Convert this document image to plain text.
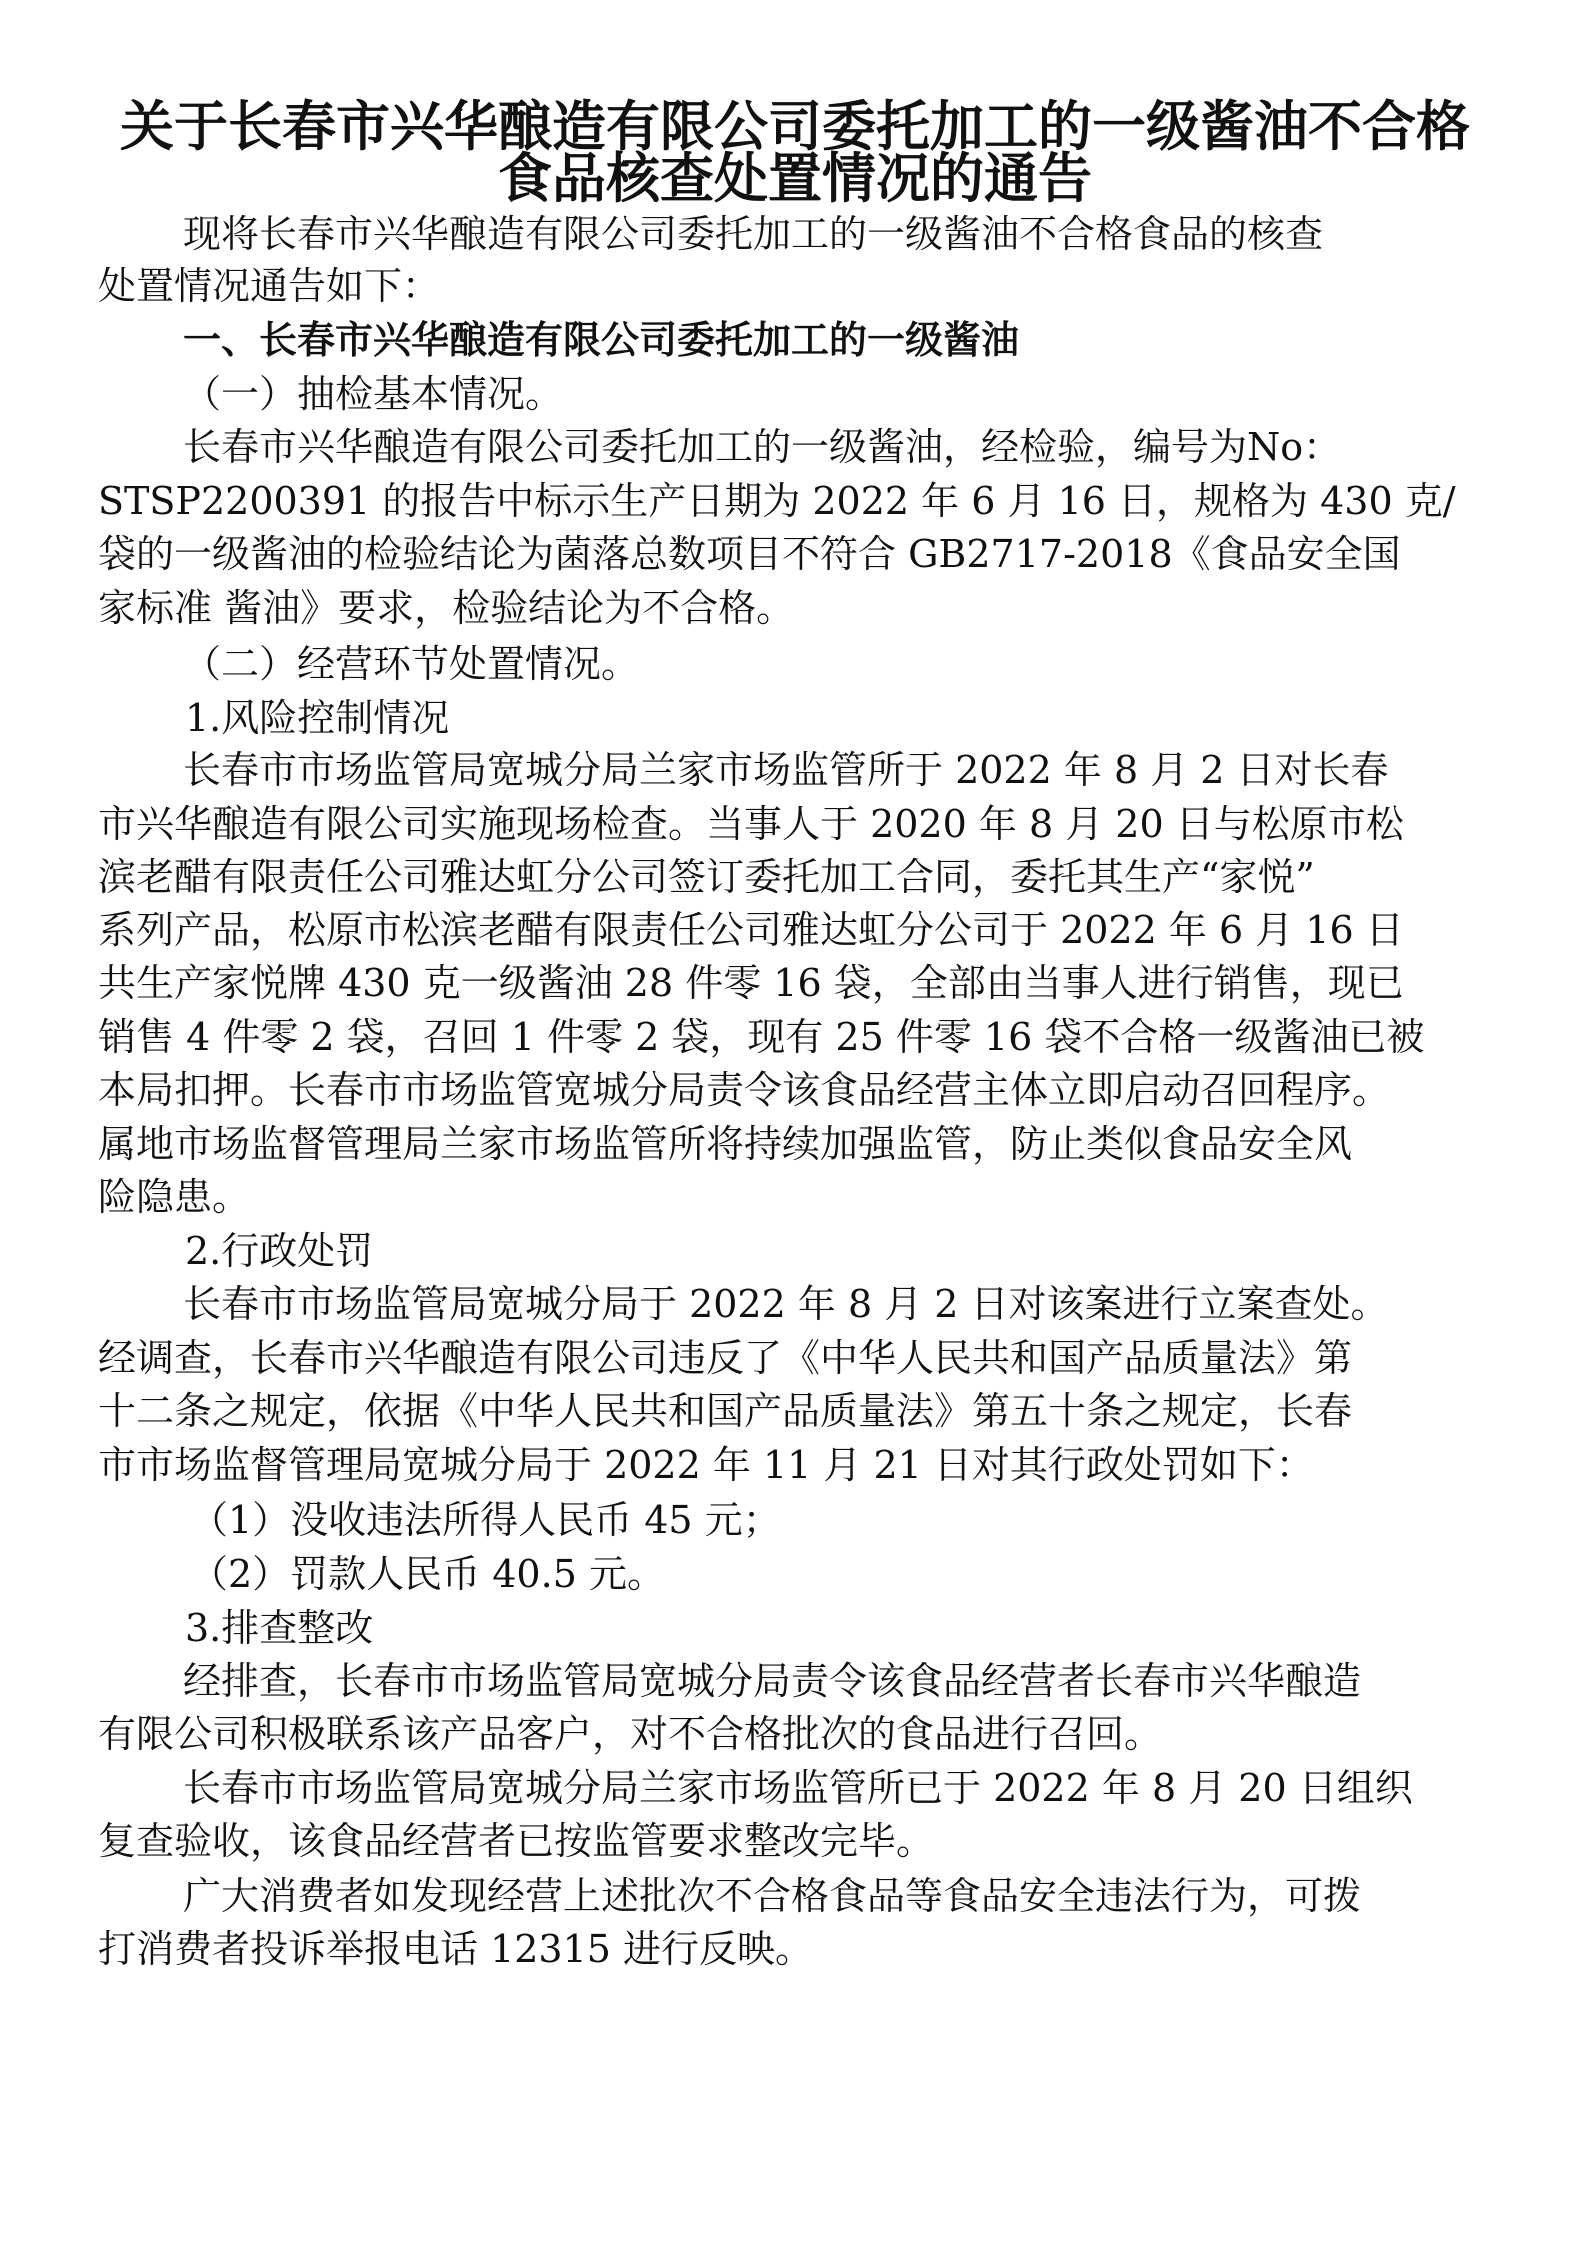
关于长春市兴华酿造有限公司委托加工的一级酱油不合格
食品核查处置情况的通告
现将长春市兴华酿造有限公司委托加工的一级酱油不合格食品的核查
处置情况通告如下：
一、长春市兴华酿造有限公司委托加工的一级酱油
（一）抽检基本情况。
长春市兴华酿造有限公司委托加工的一级酱油，经检验，编号为No：
STSP2200391 的报告中标示生产日期为 2022 年 6 月 16 日，规格为 430 克/
袋的一级酱油的检验结论为菌落总数项目不符合 GB2717-2018《食品安全国
家标准 酱油》要求，检验结论为不合格。
（二）经营环节处置情况。
1.风险控制情况
长春市市场监管局宽城分局兰家市场监管所于 2022 年 8 月 2 日对长春
市兴华酿造有限公司实施现场检查。当事人于 2020 年 8 月 20 日与松原市松
滨老醋有限责任公司雅达虹分公司签订委托加工合同，委托其生产“家悦”
系列产品，松原市松滨老醋有限责任公司雅达虹分公司于 2022 年 6 月 16 日
共生产家悦牌 430 克一级酱油 28 件零 16 袋，全部由当事人进行销售，现已
销售 4 件零 2 袋，召回 1 件零 2 袋，现有 25 件零 16 袋不合格一级酱油已被
本局扣押。长春市市场监管宽城分局责令该食品经营主体立即启动召回程序。
属地市场监督管理局兰家市场监管所将持续加强监管，防止类似食品安全风
险隐患。
2.行政处罚
长春市市场监管局宽城分局于 2022 年 8 月 2 日对该案进行立案查处。
经调查，长春市兴华酿造有限公司违反了《中华人民共和国产品质量法》第
十二条之规定，依据《中华人民共和国产品质量法》第五十条之规定，长春
市市场监督管理局宽城分局于 2022 年 11 月 21 日对其行政处罚如下：
（1）没收违法所得人民币 45 元；
（2）罚款人民币 40.5 元。
3.排查整改
经排查，长春市市场监管局宽城分局责令该食品经营者长春市兴华酿造
有限公司积极联系该产品客户，对不合格批次的食品进行召回。
长春市市场监管局宽城分局兰家市场监管所已于 2022 年 8 月 20 日组织
复查验收，该食品经营者已按监管要求整改完毕。
广大消费者如发现经营上述批次不合格食品等食品安全违法行为，可拨
打消费者投诉举报电话 12315 进行反映。
